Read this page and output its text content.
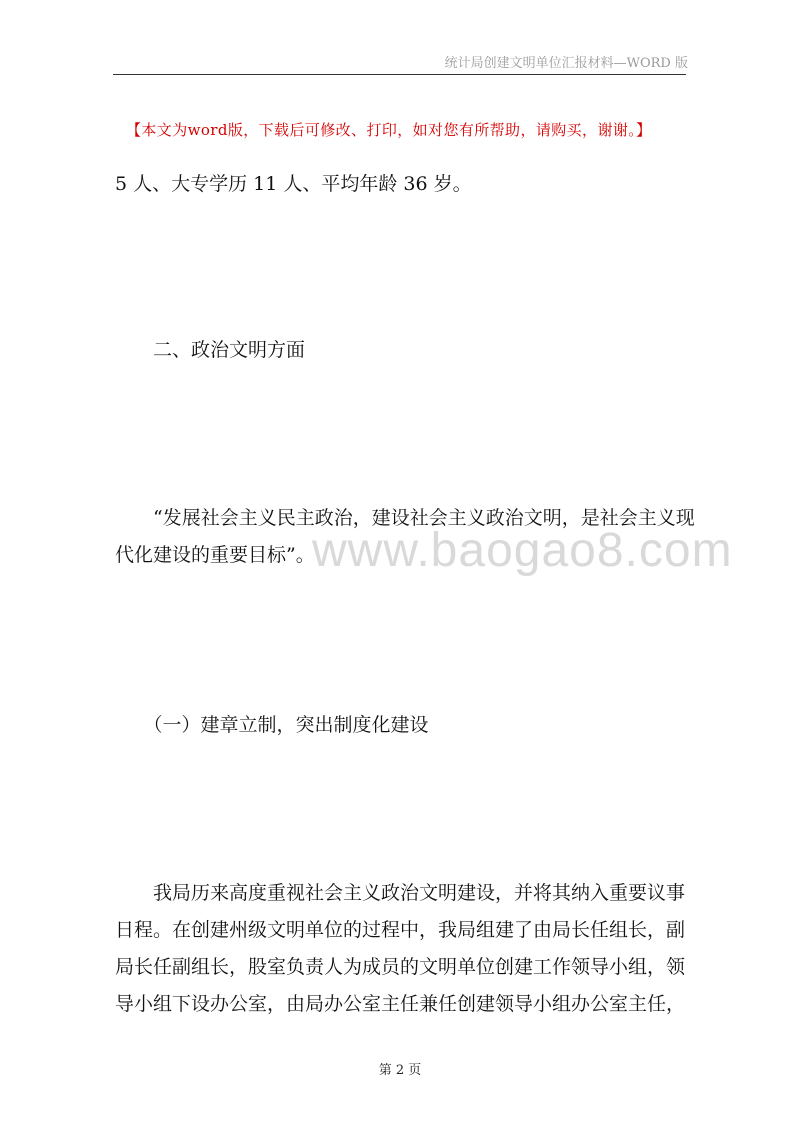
统计局创建文明单位汇报材料—WORD 版
【本文为word版，下载后可修改、打印，如对您有所帮助，请购买，谢谢。】
5 人、大专学历 11 人、平均年龄 36 岁。
　　二、政治文明方面
　　“发展社会主义民主政治，建设社会主义政治文明，是社会主义现
代化建设的重要目标”。
www.baogao8.com
　　（一）建章立制，突出制度化建设
　　我局历来高度重视社会主义政治文明建设，并将其纳入重要议事
日程。在创建州级文明单位的过程中，我局组建了由局长任组长，副
局长任副组长，股室负责人为成员的文明单位创建工作领导小组，领
导小组下设办公室，由局办公室主任兼任创建领导小组办公室主任，
第 2 页
